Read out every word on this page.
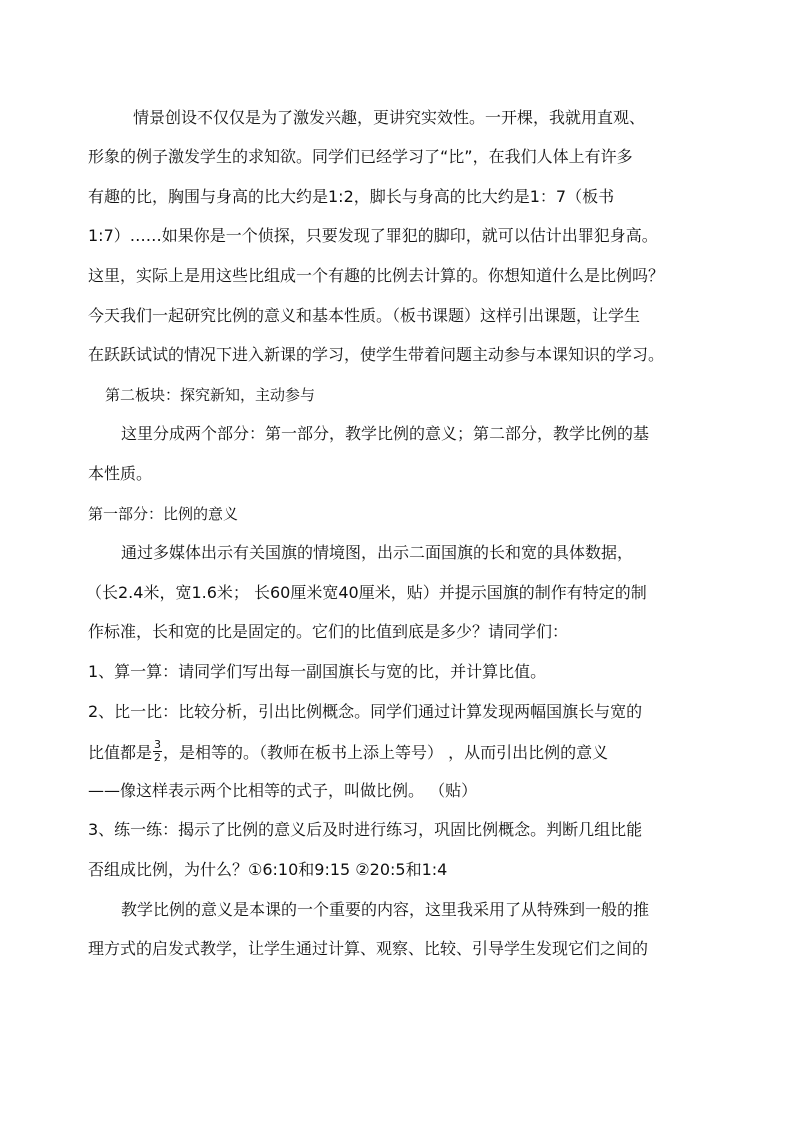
情景创设不仅仅是为了激发兴趣，更讲究实效性。一开棵，我就用直观、
形象的例子激发学生的求知欲。同学们已经学习了“比”，在我们人体上有许多
有趣的比，胸围与身高的比大约是1:2，脚长与身高的比大约是1：7（板书
1:7）……如果你是一个侦探，只要发现了罪犯的脚印，就可以估计出罪犯身高。
这里，实际上是用这些比组成一个有趣的比例去计算的。你想知道什么是比例吗？
今天我们一起研究比例的意义和基本性质。（板书课题）这样引出课题，让学生
在跃跃试试的情况下进入新课的学习，使学生带着问题主动参与本课知识的学习。
第二板块：探究新知，主动参与
这里分成两个部分：第一部分，教学比例的意义；第二部分，教学比例的基
本性质。
第一部分：比例的意义
通过多媒体出示有关国旗的情境图，出示二面国旗的长和宽的具体数据，
（长2.4米，宽1.6米； 长60厘米宽40厘米，贴）并提示国旗的制作有特定的制
作标准，长和宽的比是固定的。它们的比值到底是多少？请同学们：
1、算一算：请同学们写出每一副国旗长与宽的比，并计算比值。
2、比一比：比较分析，引出比例概念。同学们通过计算发现两幅国旗长与宽的
比值都是 $\frac{3}{2}$ ，是相等的。（教师在板书上添上等号） ，从而引出比例的意义
——像这样表示两个比相等的式子，叫做比例。 （贴）
3、练一练：揭示了比例的意义后及时进行练习，巩固比例概念。判断几组比能
否组成比例，为什么？①6:10和9:15 ②20:5和1:4
教学比例的意义是本课的一个重要的内容，这里我采用了从特殊到一般的推
理方式的启发式教学，让学生通过计算、观察、比较、引导学生发现它们之间的
